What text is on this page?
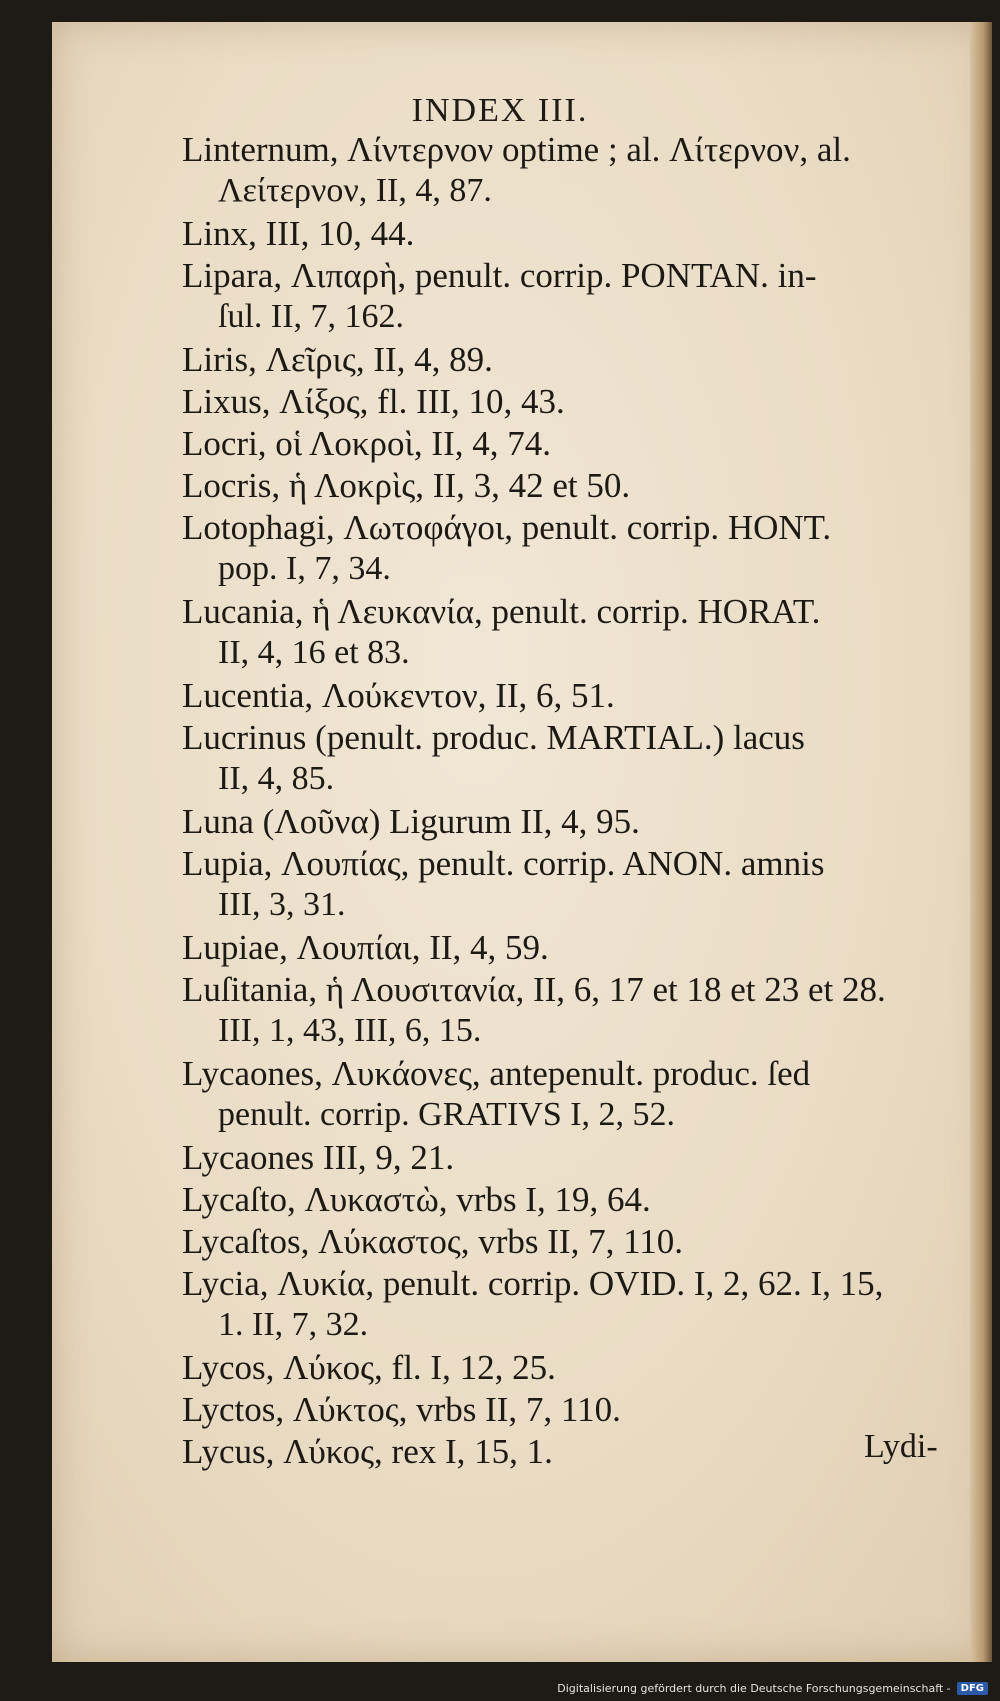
INDEX III.
Linternum, Λίντερνον optime ; al. Λίτερνον, al.
Λείτερνον, II, 4, 87.
Linx, III, 10, 44.
Lipara, Λιπαρὴ, penult. corrip. PONTAN. in-
ſul. II, 7, 162.
Liris, Λεῖρις, II, 4, 89.
Lixus, Λίξος, fl. III, 10, 43.
Locri, οἱ Λοκροὶ, II, 4, 74.
Locris, ἡ Λοκρὶς, II, 3, 42 et 50.
Lotophagi, Λωτοφάγοι, penult. corrip. HONT.
pop. I, 7, 34.
Lucania, ἡ Λευκανία, penult. corrip. HORAT.
II, 4, 16 et 83.
Lucentia, Λούκεντον, II, 6, 51.
Lucrinus (penult. produc. MARTIAL.) lacus
II, 4, 85.
Luna (Λοῦνα) Ligurum II, 4, 95.
Lupia, Λουπίας, penult. corrip. ANON. amnis
III, 3, 31.
Lupiae, Λουπίαι, II, 4, 59.
Luſitania, ἡ Λουσιτανία, II, 6, 17 et 18 et 23 et 28.
III, 1, 43, III, 6, 15.
Lycaones, Λυκάονες, antepenult. produc. ſed
penult. corrip. GRATIVS I, 2, 52.
Lycaones III, 9, 21.
Lycaſto, Λυκαστὼ, vrbs I, 19, 64.
Lycaſtos, Λύκαστος, vrbs II, 7, 110.
Lycia, Λυκία, penult. corrip. OVID. I, 2, 62. I, 15,
1. II, 7, 32.
Lycos, Λύκος, fl. I, 12, 25.
Lyctos, Λύκτος, vrbs II, 7, 110.
Lycus, Λύκος, rex I, 15, 1.	Lydi-
Digitalisierung gefördert durch die Deutsche Forschungsgemeinschaft -	DFG
